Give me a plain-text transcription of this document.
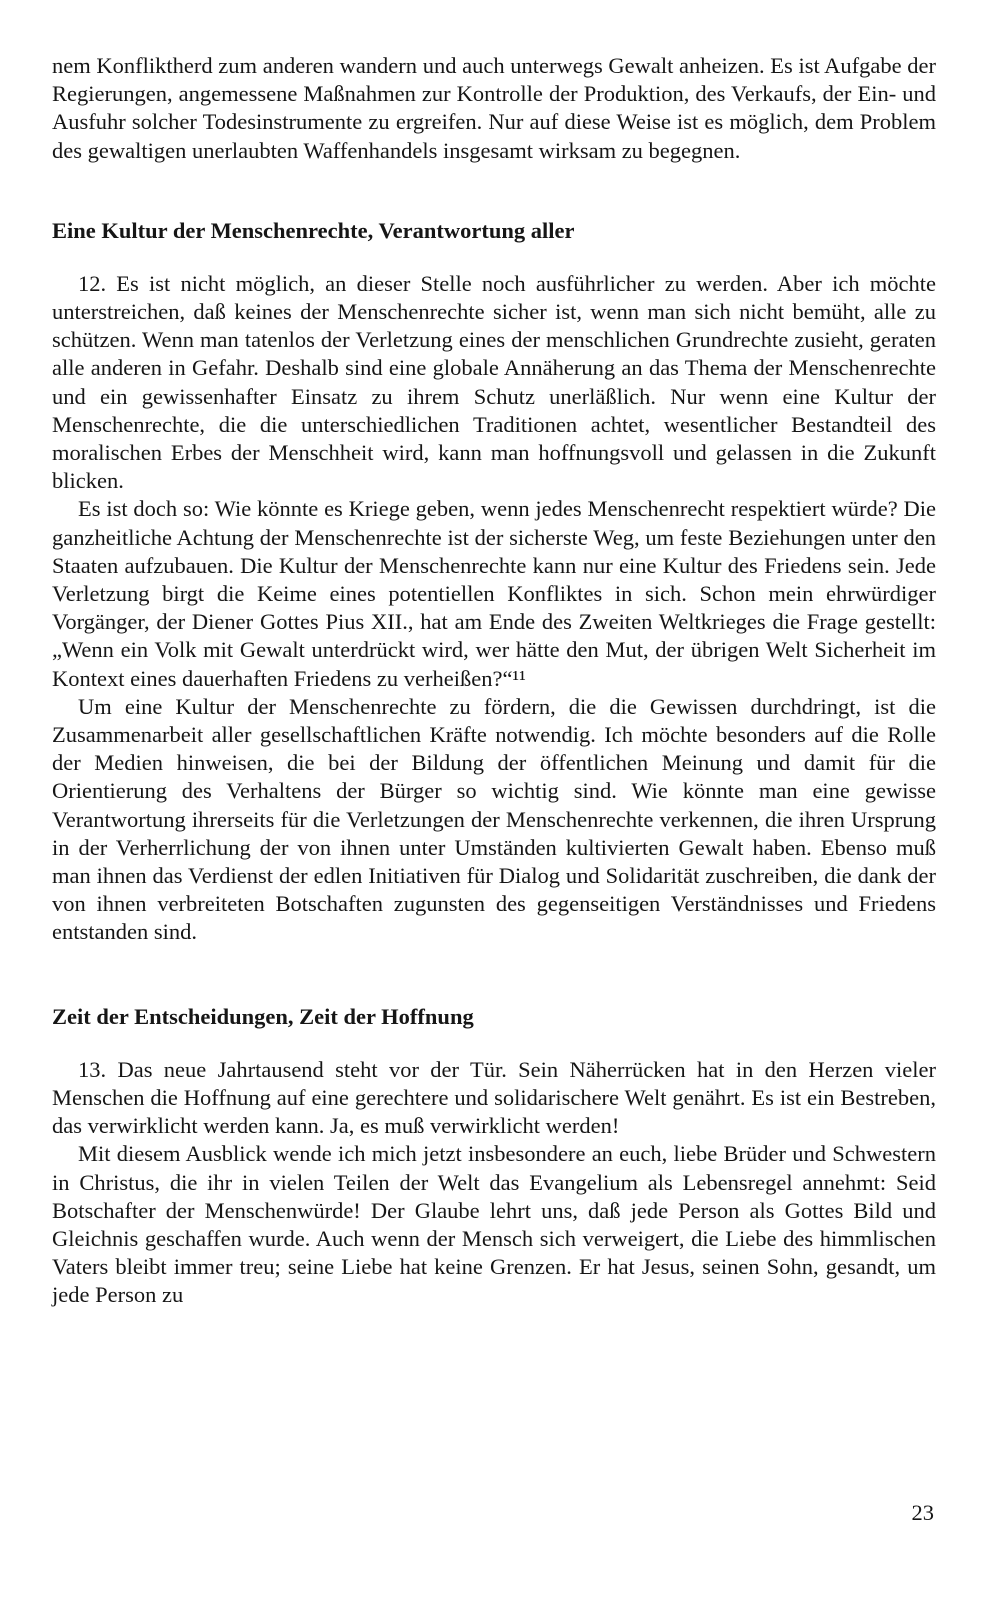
nem Konfliktherd zum anderen wandern und auch unterwegs Gewalt anheizen. Es ist Aufgabe der Regierungen, angemessene Maßnahmen zur Kontrolle der Produktion, des Verkaufs, der Ein- und Ausfuhr solcher Todesinstrumente zu ergreifen. Nur auf diese Weise ist es möglich, dem Problem des gewaltigen unerlaubten Waffenhandels insgesamt wirksam zu begegnen.

Eine Kultur der Menschenrechte, Verantwortung aller

12. Es ist nicht möglich, an dieser Stelle noch ausführlicher zu werden. Aber ich möchte unterstreichen, daß keines der Menschenrechte sicher ist, wenn man sich nicht bemüht, alle zu schützen. Wenn man tatenlos der Verletzung eines der menschlichen Grundrechte zusieht, geraten alle anderen in Gefahr. Deshalb sind eine globale Annäherung an das Thema der Menschenrechte und ein gewissenhafter Einsatz zu ihrem Schutz unerläßlich. Nur wenn eine Kultur der Menschenrechte, die die unterschiedlichen Traditionen achtet, wesentlicher Bestandteil des moralischen Erbes der Menschheit wird, kann man hoffnungsvoll und gelassen in die Zukunft blicken.

Es ist doch so: Wie könnte es Kriege geben, wenn jedes Menschenrecht respektiert würde? Die ganzheitliche Achtung der Menschenrechte ist der sicherste Weg, um feste Beziehungen unter den Staaten aufzubauen. Die Kultur der Menschenrechte kann nur eine Kultur des Friedens sein. Jede Verletzung birgt die Keime eines potentiellen Konfliktes in sich. Schon mein ehrwürdiger Vorgänger, der Diener Gottes Pius XII., hat am Ende des Zweiten Weltkrieges die Frage gestellt: „Wenn ein Volk mit Gewalt unterdrückt wird, wer hätte den Mut, der übrigen Welt Sicherheit im Kontext eines dauerhaften Friedens zu verheißen?“¹¹

Um eine Kultur der Menschenrechte zu fördern, die die Gewissen durchdringt, ist die Zusammenarbeit aller gesellschaftlichen Kräfte notwendig. Ich möchte besonders auf die Rolle der Medien hinweisen, die bei der Bildung der öffentlichen Meinung und damit für die Orientierung des Verhaltens der Bürger so wichtig sind. Wie könnte man eine gewisse Verantwortung ihrerseits für die Verletzungen der Menschenrechte verkennen, die ihren Ursprung in der Verherrlichung der von ihnen unter Umständen kultivierten Gewalt haben. Ebenso muß man ihnen das Verdienst der edlen Initiativen für Dialog und Solidarität zuschreiben, die dank der von ihnen verbreiteten Botschaften zugunsten des gegenseitigen Verständnisses und Friedens entstanden sind.

Zeit der Entscheidungen, Zeit der Hoffnung

13. Das neue Jahrtausend steht vor der Tür. Sein Näherrücken hat in den Herzen vieler Menschen die Hoffnung auf eine gerechtere und solidarischere Welt genährt. Es ist ein Bestreben, das verwirklicht werden kann. Ja, es muß verwirklicht werden!

Mit diesem Ausblick wende ich mich jetzt insbesondere an euch, liebe Brüder und Schwestern in Christus, die ihr in vielen Teilen der Welt das Evangelium als Lebensregel annehmt: Seid Botschafter der Menschenwürde! Der Glaube lehrt uns, daß jede Person als Gottes Bild und Gleichnis geschaffen wurde. Auch wenn der Mensch sich verweigert, die Liebe des himmlischen Vaters bleibt immer treu; seine Liebe hat keine Grenzen. Er hat Jesus, seinen Sohn, gesandt, um jede Person zu

23
